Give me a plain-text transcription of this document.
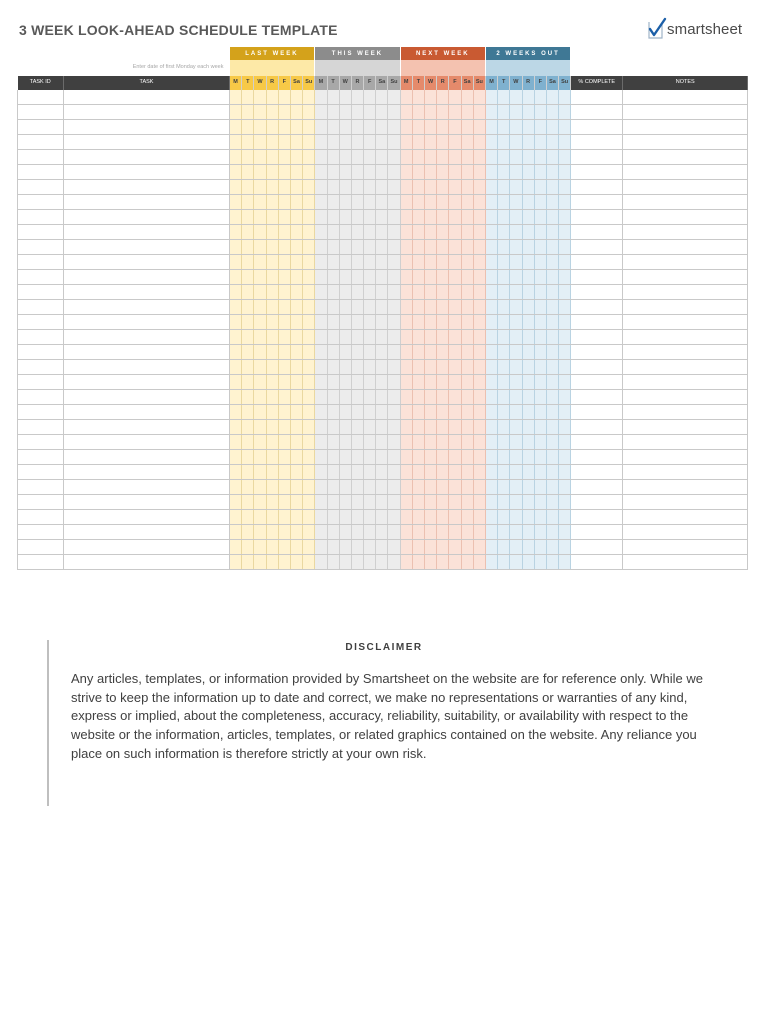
3 WEEK LOOK-AHEAD SCHEDULE TEMPLATE	smartsheet
		LAST WEEK							THIS WEEK							NEXT WEEK							2 WEEKS OUT								
	Enter date of first Monday each week																														
TASK ID	TASK	M	T	W	R	F	Sa	Su	M	T	W	R	F	Sa	Su	M	T	W	R	F	Sa	Su	M	T	W	R	F	Sa	Su	% COMPLETE	NOTES

DISCLAIMER
Any articles, templates, or information provided by Smartsheet on the website are for reference only. While we strive to keep the information up to date and correct, we make no representations or warranties of any kind, express or implied, about the completeness, accuracy, reliability, suitability, or availability with respect to the website or the information, articles, templates, or related graphics contained on the website. Any reliance you place on such information is therefore strictly at your own risk.
